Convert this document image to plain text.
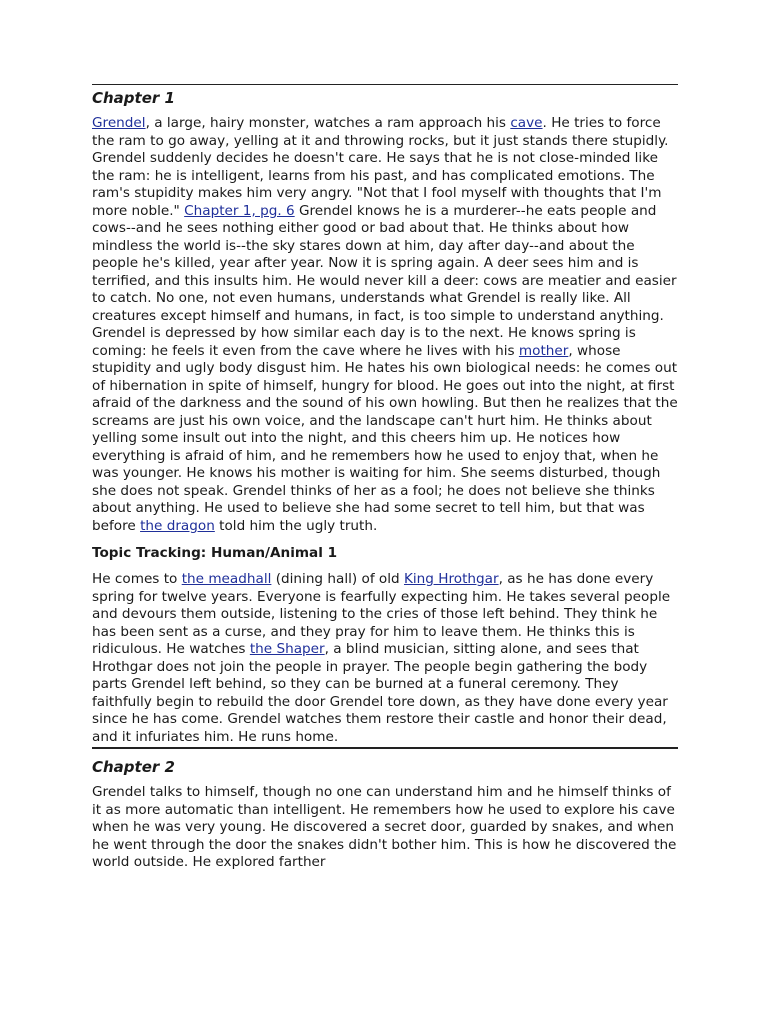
Chapter 1

Grendel, a large, hairy monster, watches a ram approach his cave. He tries to force the ram to go away, yelling at it and throwing rocks, but it just stands there stupidly. Grendel suddenly decides he doesn't care. He says that he is not close-minded like the ram: he is intelligent, learns from his past, and has complicated emotions. The ram's stupidity makes him very angry. "Not that I fool myself with thoughts that I'm more noble." Chapter 1, pg. 6 Grendel knows he is a murderer--he eats people and cows--and he sees nothing either good or bad about that. He thinks about how mindless the world is--the sky stares down at him, day after day--and about the people he's killed, year after year. Now it is spring again. A deer sees him and is terrified, and this insults him. He would never kill a deer: cows are meatier and easier to catch. No one, not even humans, understands what Grendel is really like. All creatures except himself and humans, in fact, is too simple to understand anything. Grendel is depressed by how similar each day is to the next. He knows spring is coming: he feels it even from the cave where he lives with his mother, whose stupidity and ugly body disgust him. He hates his own biological needs: he comes out of hibernation in spite of himself, hungry for blood. He goes out into the night, at first afraid of the darkness and the sound of his own howling. But then he realizes that the screams are just his own voice, and the landscape can't hurt him. He thinks about yelling some insult out into the night, and this cheers him up. He notices how everything is afraid of him, and he remembers how he used to enjoy that, when he was younger. He knows his mother is waiting for him. She seems disturbed, though she does not speak. Grendel thinks of her as a fool; he does not believe she thinks about anything. He used to believe she had some secret to tell him, but that was before the dragon told him the ugly truth.

Topic Tracking: Human/Animal 1

He comes to the meadhall (dining hall) of old King Hrothgar, as he has done every spring for twelve years. Everyone is fearfully expecting him. He takes several people and devours them outside, listening to the cries of those left behind. They think he has been sent as a curse, and they pray for him to leave them. He thinks this is ridiculous. He watches the Shaper, a blind musician, sitting alone, and sees that Hrothgar does not join the people in prayer. The people begin gathering the body parts Grendel left behind, so they can be burned at a funeral ceremony. They faithfully begin to rebuild the door Grendel tore down, as they have done every year since he has come. Grendel watches them restore their castle and honor their dead, and it infuriates him. He runs home.

Chapter 2

Grendel talks to himself, though no one can understand him and he himself thinks of it as more automatic than intelligent. He remembers how he used to explore his cave when he was very young. He discovered a secret door, guarded by snakes, and when he went through the door the snakes didn't bother him. This is how he discovered the world outside. He explored farther
